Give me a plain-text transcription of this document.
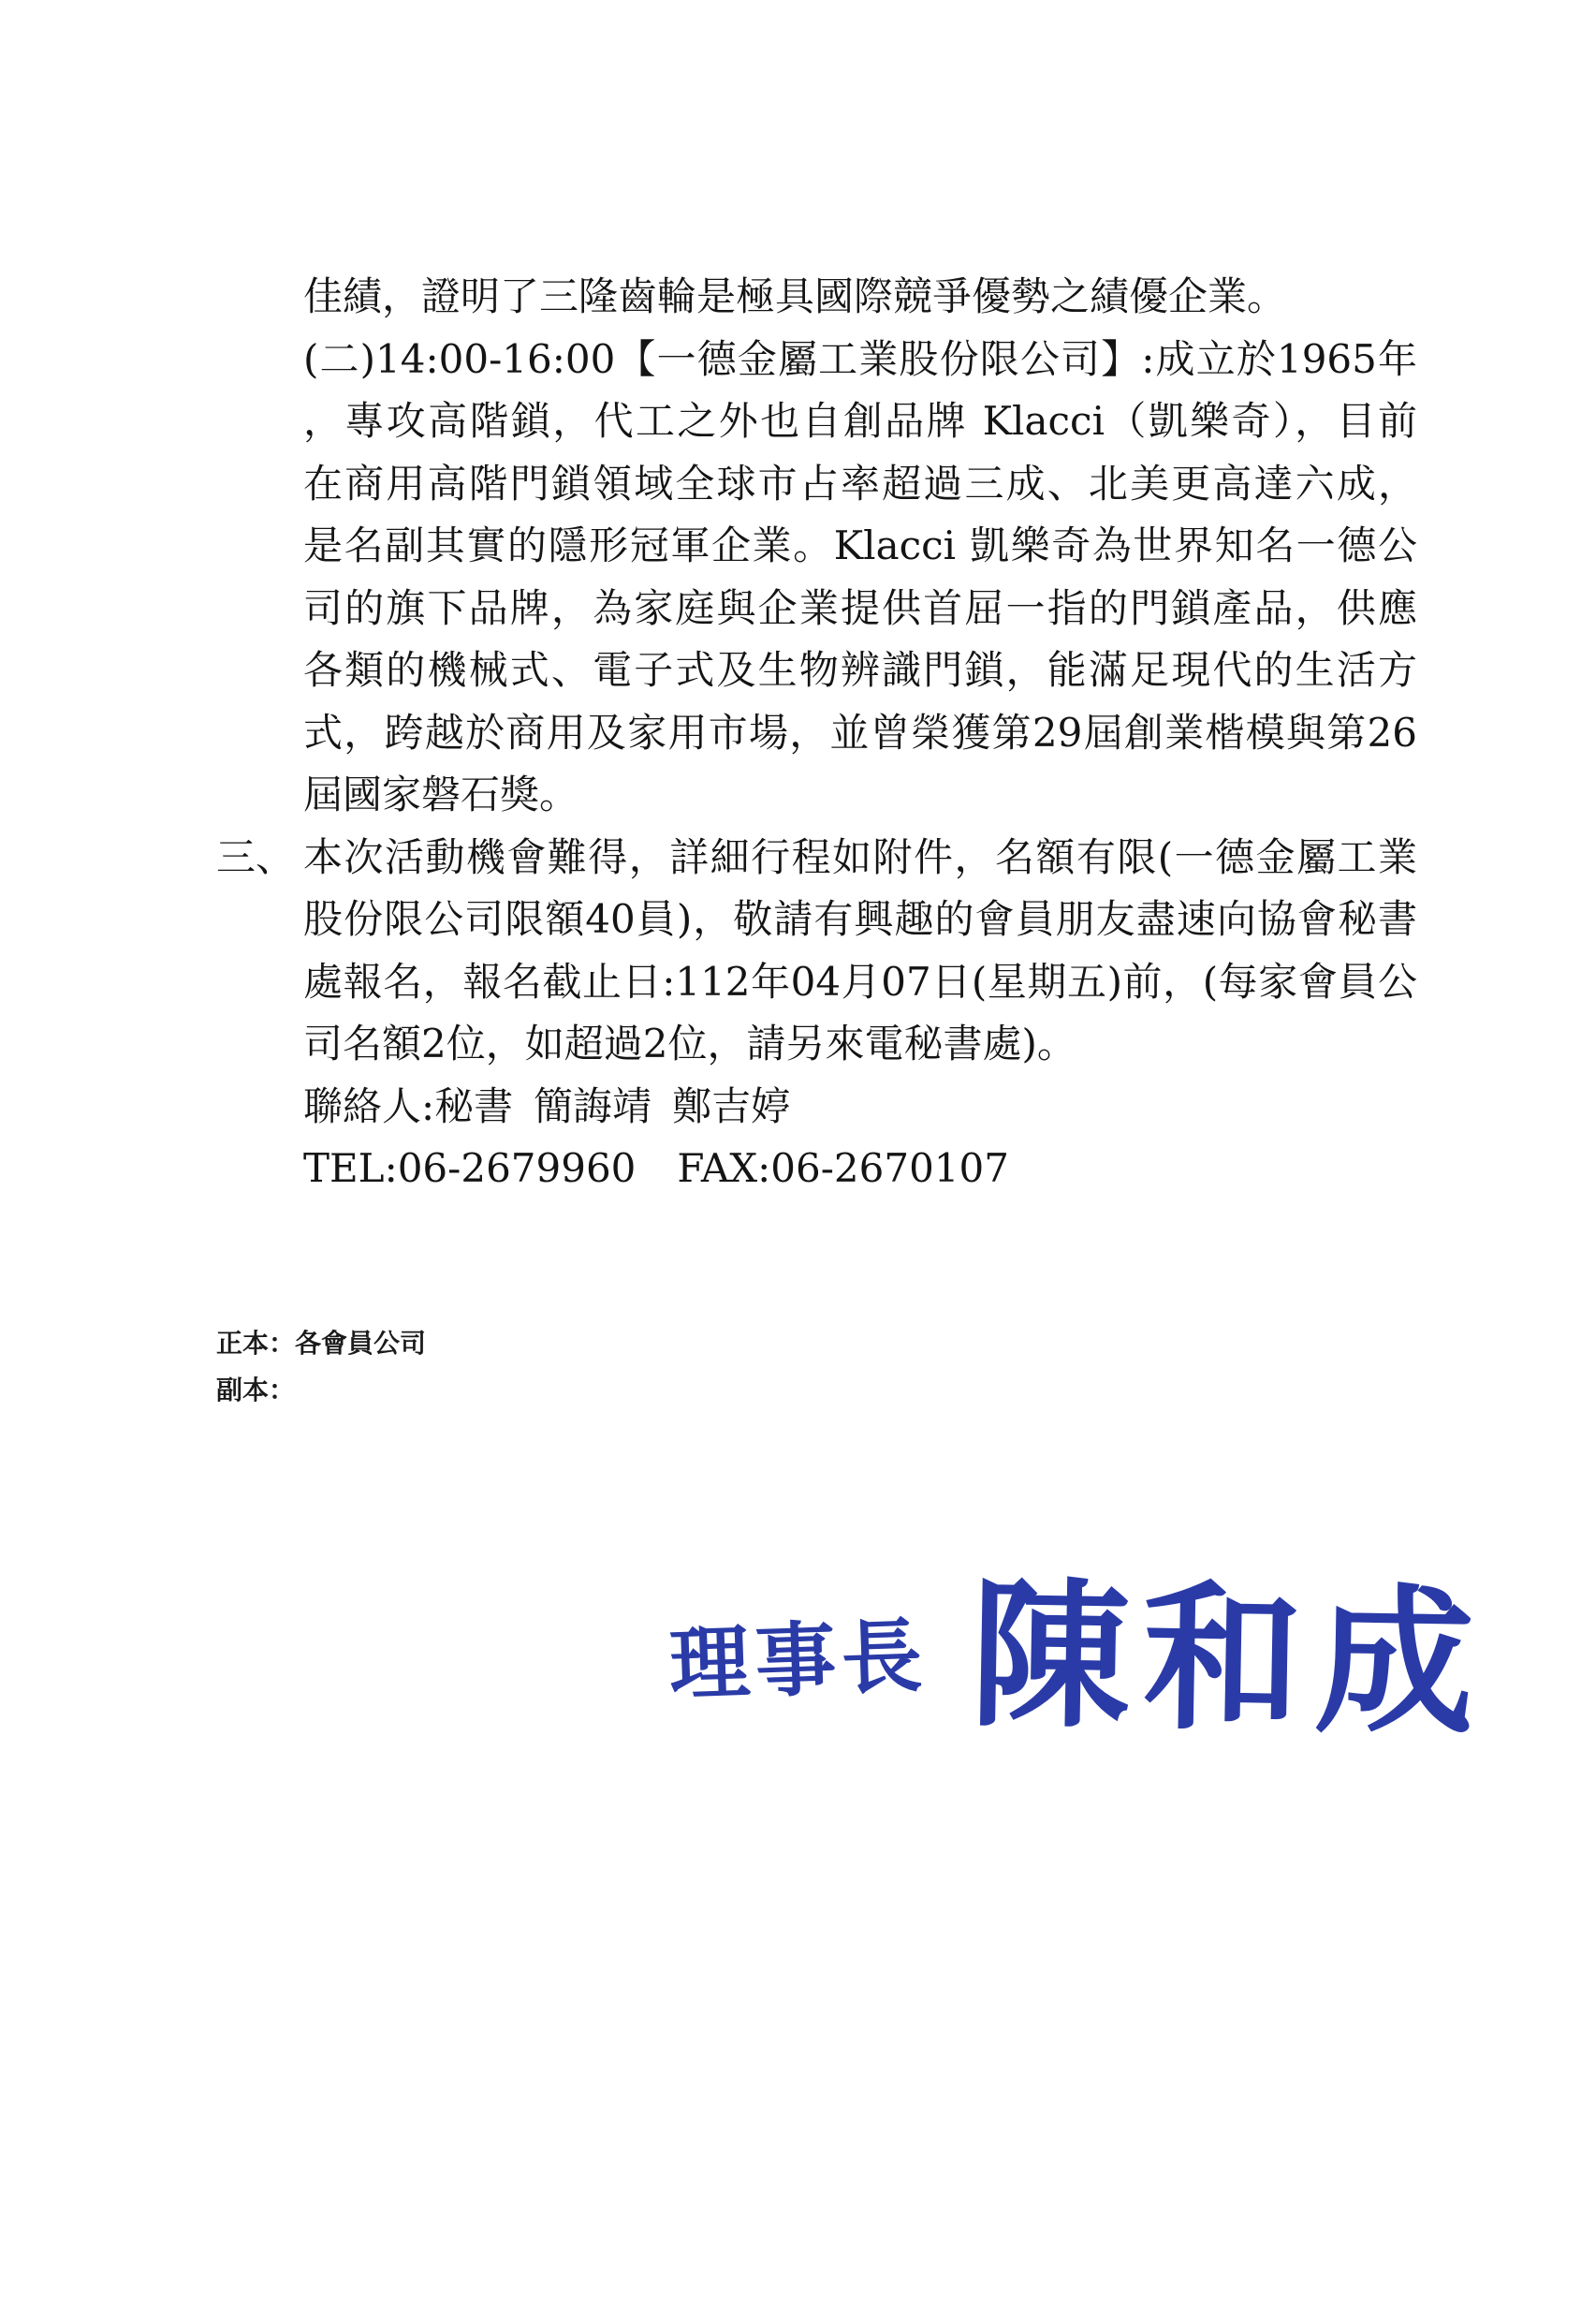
佳績，證明了三隆齒輪是極具國際競爭優勢之績優企業。
(二)14:00-16:00【一德金屬工業股份限公司】:成立於1965年
，專攻高階鎖，代工之外也自創品牌 Klacci（凱樂奇），目前
在商用高階門鎖領域全球市占率超過三成、北美更高達六成，
是名副其實的隱形冠軍企業。Klacci 凱樂奇為世界知名一德公
司的旗下品牌，為家庭與企業提供首屈一指的門鎖產品，供應
各類的機械式、電子式及生物辨識門鎖，能滿足現代的生活方
式，跨越於商用及家用市場，並曾榮獲第29屆創業楷模與第26
屆國家磐石獎。
三、 本次活動機會難得，詳細行程如附件，名額有限(一德金屬工業
股份限公司限額40員)，敬請有興趣的會員朋友盡速向協會秘書
處報名，報名截止日:112年04月07日(星期五)前，(每家會員公
司名額2位，如超過2位，請另來電秘書處)。
聯絡人:秘書 簡誨靖 鄭吉婷
TEL:06-2679960 FAX:06-2670107
正本：各會員公司
副本：
理事長 陳和成
